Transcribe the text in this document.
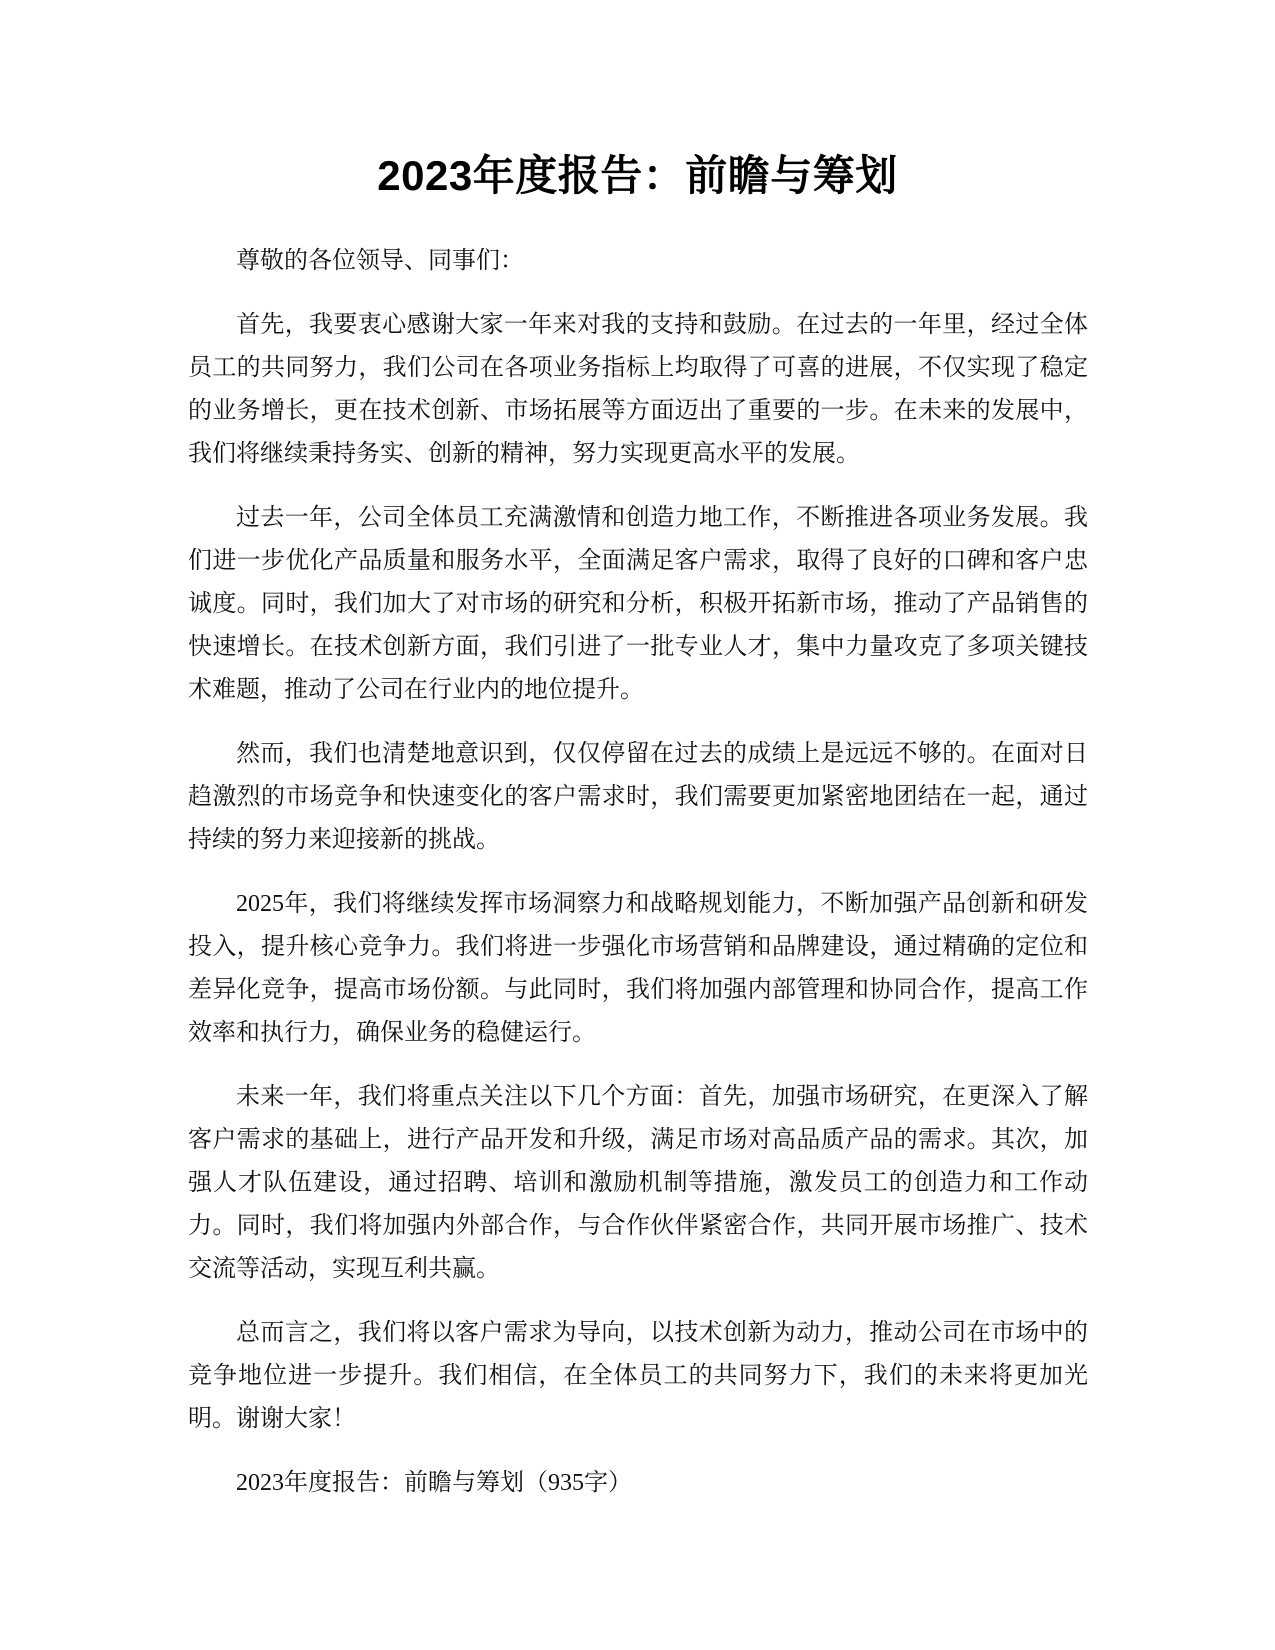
2023年度报告：前瞻与筹划

尊敬的各位领导、同事们：

首先，我要衷心感谢大家一年来对我的支持和鼓励。在过去的一年里，经过全体员工的共同努力，我们公司在各项业务指标上均取得了可喜的进展，不仅实现了稳定的业务增长，更在技术创新、市场拓展等方面迈出了重要的一步。在未来的发展中，我们将继续秉持务实、创新的精神，努力实现更高水平的发展。

过去一年，公司全体员工充满激情和创造力地工作，不断推进各项业务发展。我们进一步优化产品质量和服务水平，全面满足客户需求，取得了良好的口碑和客户忠诚度。同时，我们加大了对市场的研究和分析，积极开拓新市场，推动了产品销售的快速增长。在技术创新方面，我们引进了一批专业人才，集中力量攻克了多项关键技术难题，推动了公司在行业内的地位提升。

然而，我们也清楚地意识到，仅仅停留在过去的成绩上是远远不够的。在面对日趋激烈的市场竞争和快速变化的客户需求时，我们需要更加紧密地团结在一起，通过持续的努力来迎接新的挑战。

2025年，我们将继续发挥市场洞察力和战略规划能力，不断加强产品创新和研发投入，提升核心竞争力。我们将进一步强化市场营销和品牌建设，通过精确的定位和差异化竞争，提高市场份额。与此同时，我们将加强内部管理和协同合作，提高工作效率和执行力，确保业务的稳健运行。

未来一年，我们将重点关注以下几个方面：首先，加强市场研究，在更深入了解客户需求的基础上，进行产品开发和升级，满足市场对高品质产品的需求。其次，加强人才队伍建设，通过招聘、培训和激励机制等措施，激发员工的创造力和工作动力。同时，我们将加强内外部合作，与合作伙伴紧密合作，共同开展市场推广、技术交流等活动，实现互利共赢。

总而言之，我们将以客户需求为导向，以技术创新为动力，推动公司在市场中的竞争地位进一步提升。我们相信，在全体员工的共同努力下，我们的未来将更加光明。谢谢大家！

2023年度报告：前瞻与筹划（935字）
